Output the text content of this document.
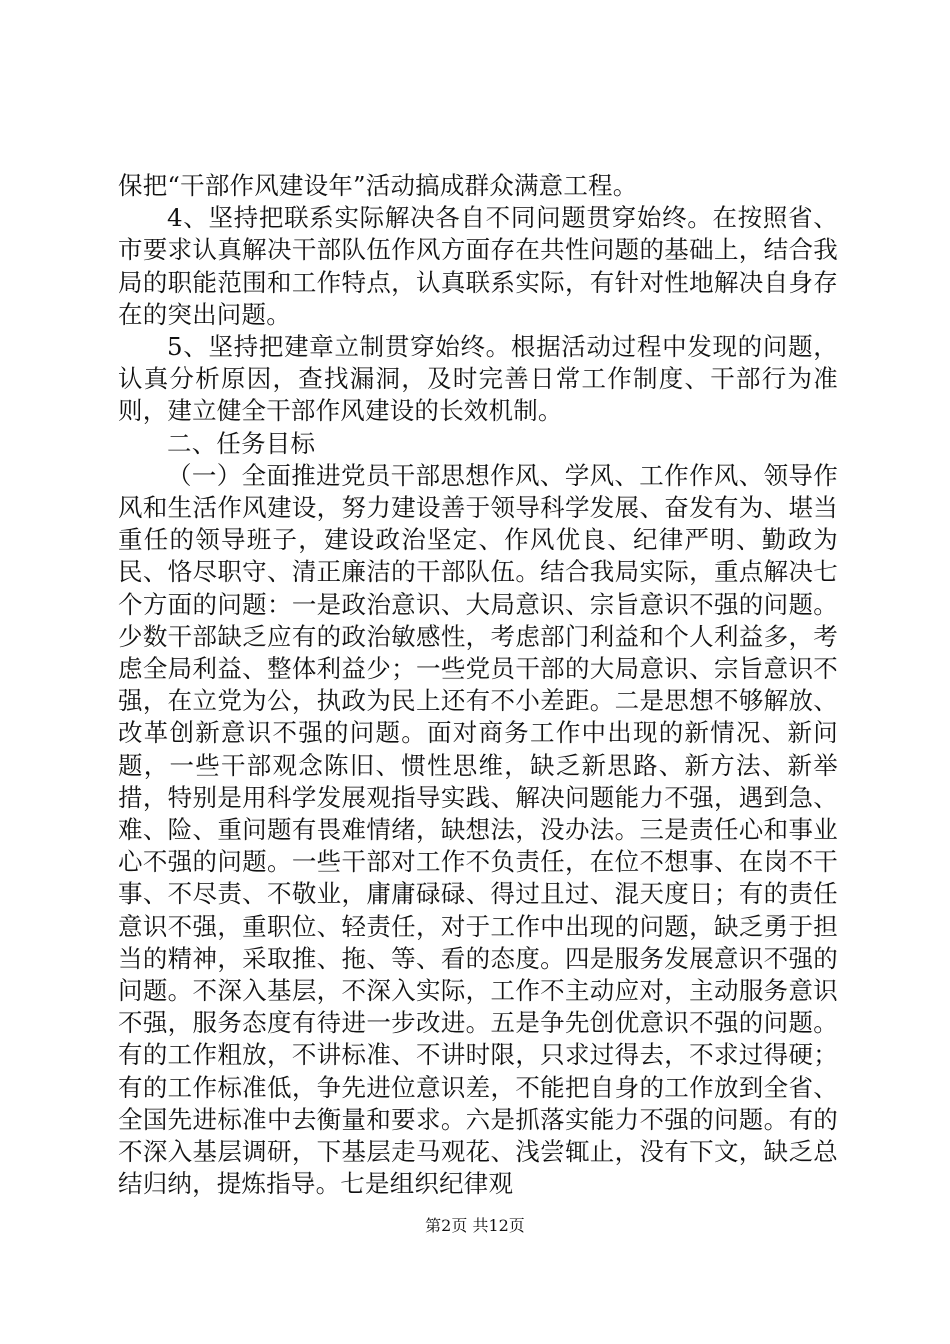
保把“干部作风建设年”活动搞成群众满意工程。

4、坚持把联系实际解决各自不同问题贯穿始终。在按照省、市要求认真解决干部队伍作风方面存在共性问题的基础上，结合我局的职能范围和工作特点，认真联系实际，有针对性地解决自身存在的突出问题。

5、坚持把建章立制贯穿始终。根据活动过程中发现的问题，认真分析原因，查找漏洞，及时完善日常工作制度、干部行为准则，建立健全干部作风建设的长效机制。

二、任务目标

（一）全面推进党员干部思想作风、学风、工作作风、领导作风和生活作风建设，努力建设善于领导科学发展、奋发有为、堪当重任的领导班子，建设政治坚定、作风优良、纪律严明、勤政为民、恪尽职守、清正廉洁的干部队伍。结合我局实际，重点解决七个方面的问题：一是政治意识、大局意识、宗旨意识不强的问题。少数干部缺乏应有的政治敏感性，考虑部门利益和个人利益多，考虑全局利益、整体利益少；一些党员干部的大局意识、宗旨意识不强，在立党为公，执政为民上还有不小差距。二是思想不够解放、改革创新意识不强的问题。面对商务工作中出现的新情况、新问题，一些干部观念陈旧、惯性思维，缺乏新思路、新方法、新举措，特别是用科学发展观指导实践、解决问题能力不强，遇到急、难、险、重问题有畏难情绪，缺想法，没办法。三是责任心和事业心不强的问题。一些干部对工作不负责任，在位不想事、在岗不干事、不尽责、不敬业，庸庸碌碌、得过且过、混天度日；有的责任意识不强，重职位、轻责任，对于工作中出现的问题，缺乏勇于担当的精神，采取推、拖、等、看的态度。四是服务发展意识不强的问题。不深入基层，不深入实际，工作不主动应对，主动服务意识不强，服务态度有待进一步改进。五是争先创优意识不强的问题。有的工作粗放，不讲标准、不讲时限，只求过得去，不求过得硬；有的工作标准低，争先进位意识差，不能把自身的工作放到全省、全国先进标准中去衡量和要求。六是抓落实能力不强的问题。有的不深入基层调研，下基层走马观花、浅尝辄止，没有下文，缺乏总结归纳，提炼指导。七是组织纪律观

第2页 共12页
